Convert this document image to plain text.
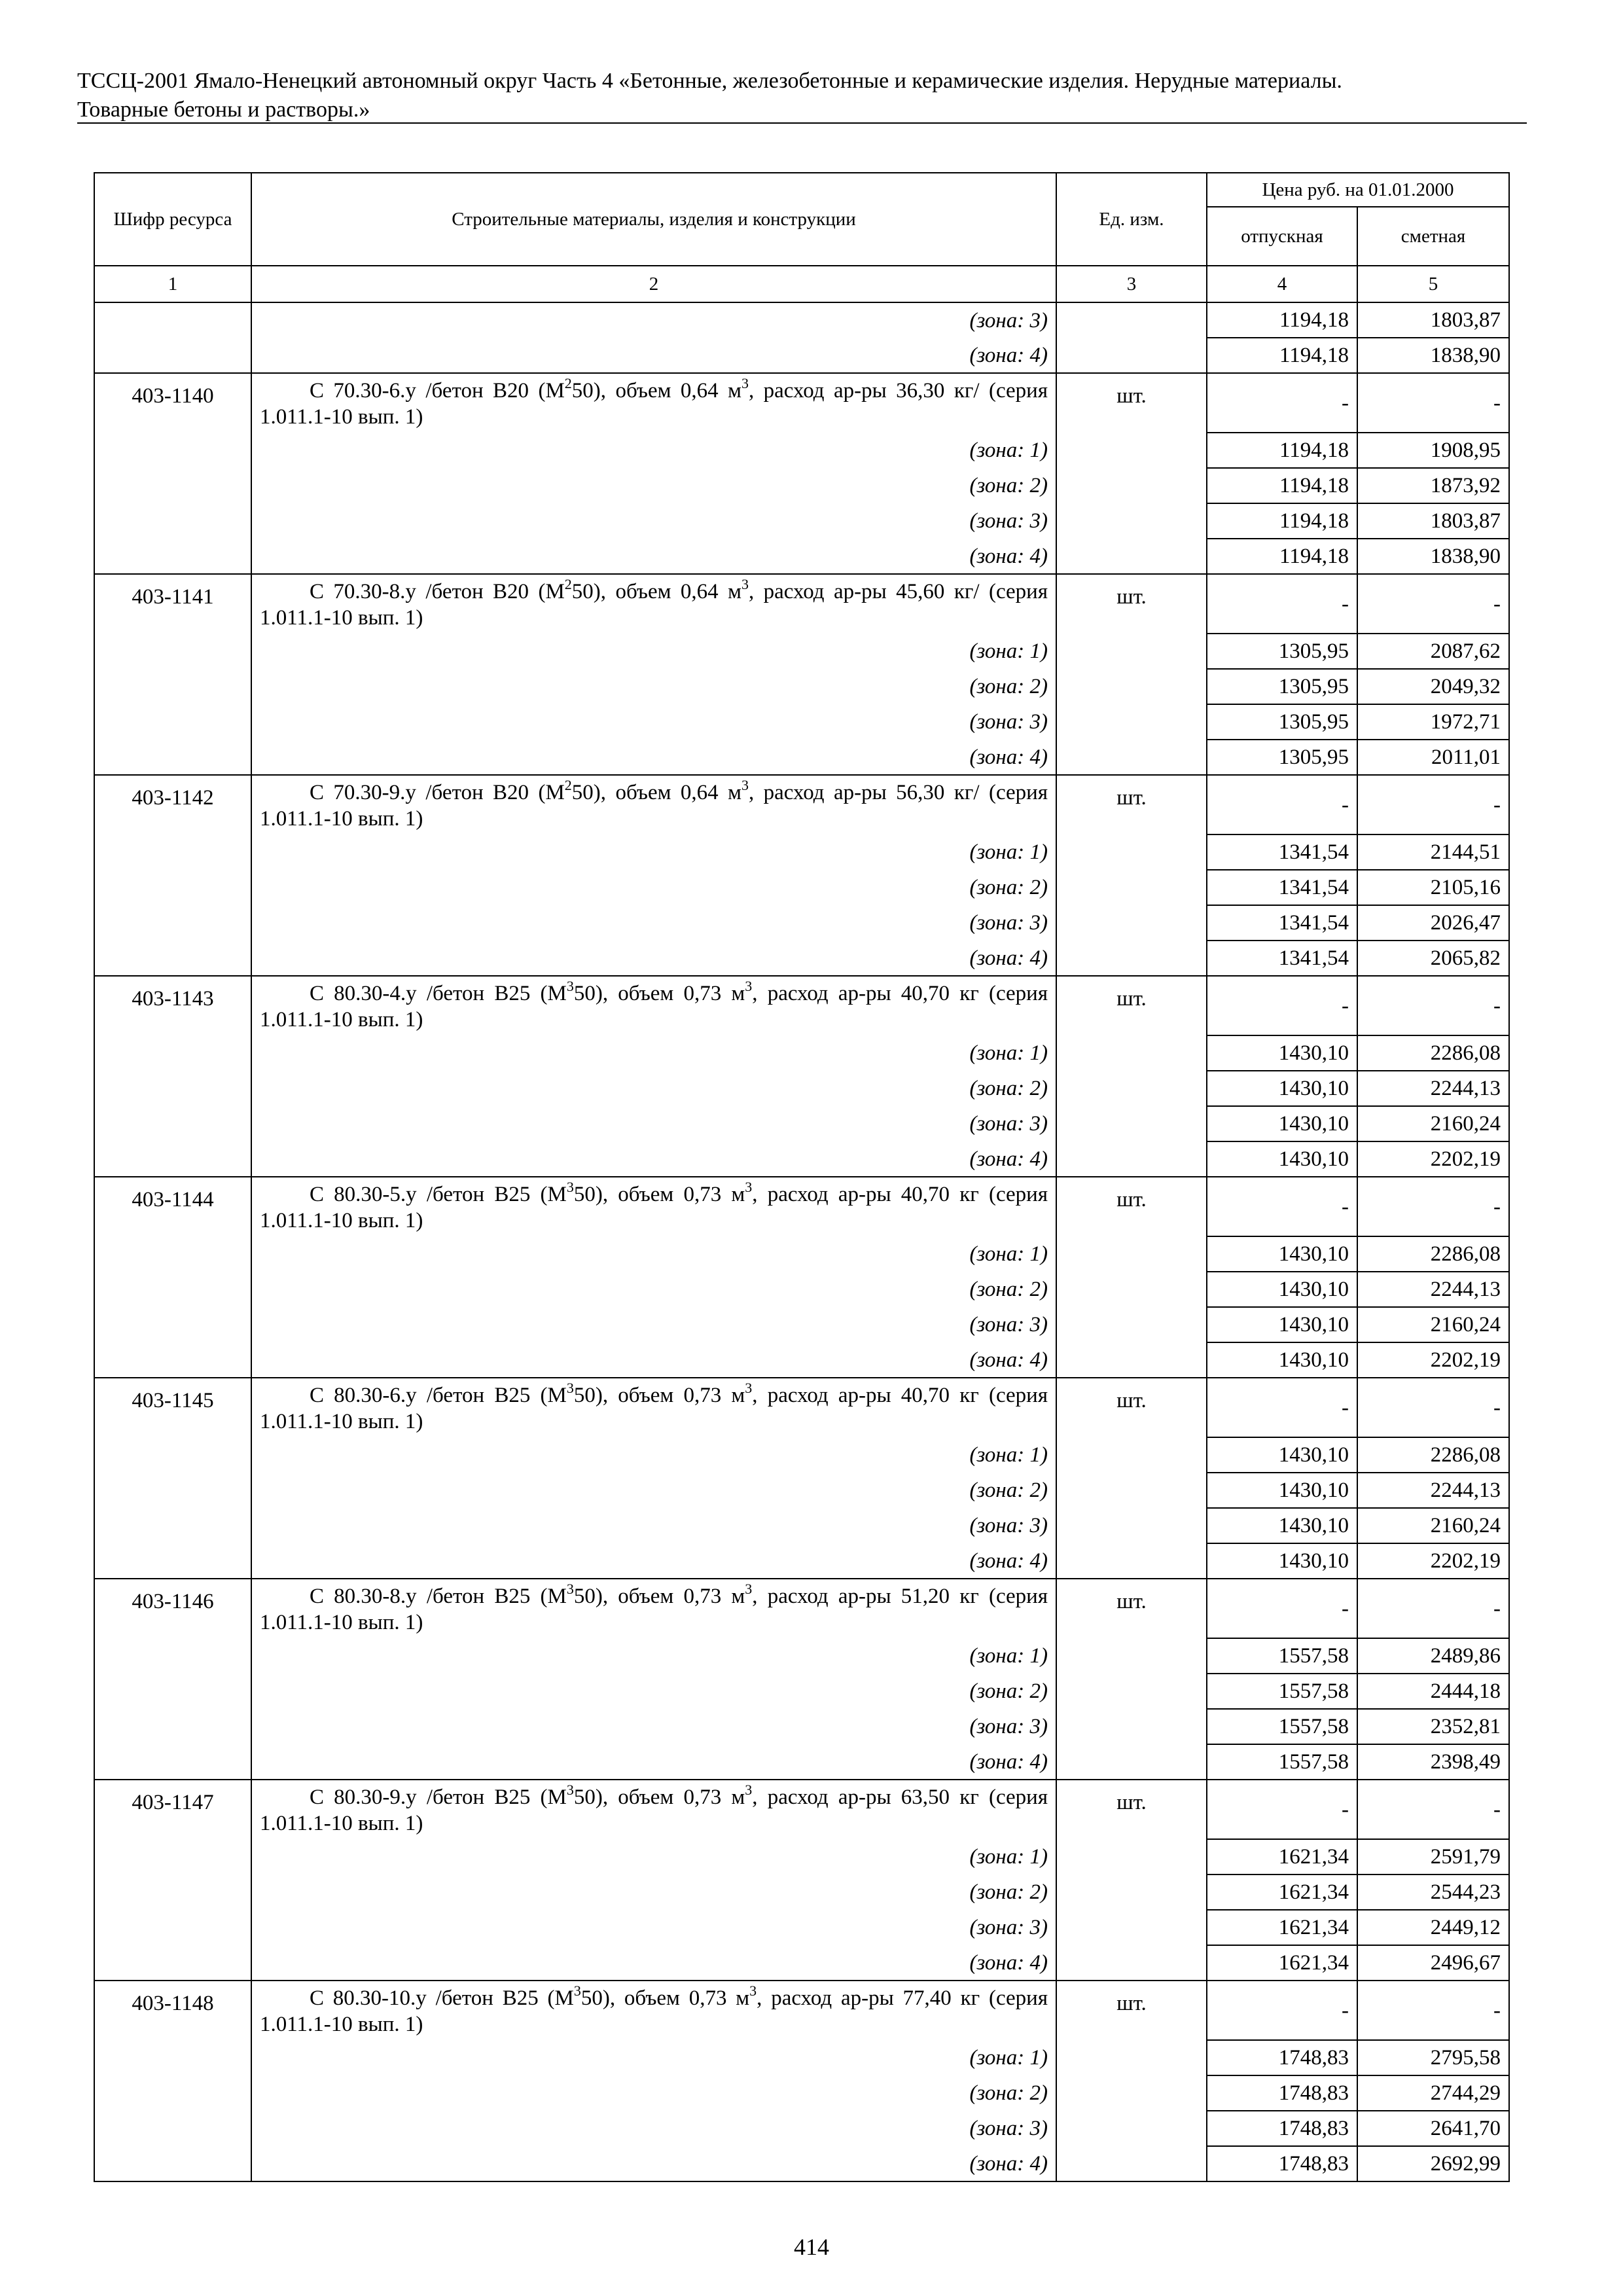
ТССЦ-2001 Ямало-Ненецкий автономный округ Часть 4 «Бетонные, железобетонные и керамические изделия. Нерудные материалы.
Товарные бетоны и растворы.»
Шифр ресурса	Строительные материалы, изделия и конструкции	Ед. изм.	Цена руб. на 01.01.2000	
			отпускная	сметная
1	2	3	4	5
	(зона: 3)		1194,18	1803,87
	(зона: 4)		1194,18	1838,90
403-1140	С 70.30-6.у /бетон В20 $(М^250)$, объем 0,64 $м^3$, расход ар-ры 36,30 кг/ (серия 1.011.1-10 вып. 1)	шт.	-	-
	(зона: 1)		1194,18	1908,95
	(зона: 2)		1194,18	1873,92
	(зона: 3)		1194,18	1803,87
	(зона: 4)		1194,18	1838,90
403-1141	С 70.30-8.у /бетон В20 $(М^250)$, объем 0,64 $м^3$, расход ар-ры 45,60 кг/ (серия 1.011.1-10 вып. 1)	шт.	-	-
	(зона: 1)		1305,95	2087,62
	(зона: 2)		1305,95	2049,32
	(зона: 3)		1305,95	1972,71
	(зона: 4)		1305,95	2011,01
403-1142	С 70.30-9.у /бетон В20 $(М^250)$, объем 0,64 $м^3$, расход ар-ры 56,30 кг/ (серия 1.011.1-10 вып. 1)	шт.	-	-
	(зона: 1)		1341,54	2144,51
	(зона: 2)		1341,54	2105,16
	(зона: 3)		1341,54	2026,47
	(зона: 4)		1341,54	2065,82
403-1143	С 80.30-4.у /бетон В25 $(М^350)$, объем 0,73 $м^3$, расход ар-ры 40,70 кг (серия 1.011.1-10 вып. 1)	шт.	-	-
	(зона: 1)		1430,10	2286,08
	(зона: 2)		1430,10	2244,13
	(зона: 3)		1430,10	2160,24
	(зона: 4)		1430,10	2202,19
403-1144	С 80.30-5.у /бетон В25 $(М^350)$, объем 0,73 $м^3$, расход ар-ры 40,70 кг (серия 1.011.1-10 вып. 1)	шт.	-	-
	(зона: 1)		1430,10	2286,08
	(зона: 2)		1430,10	2244,13
	(зона: 3)		1430,10	2160,24
	(зона: 4)		1430,10	2202,19
403-1145	С 80.30-6.у /бетон В25 $(М^350)$, объем 0,73 $м^3$, расход ар-ры 40,70 кг (серия 1.011.1-10 вып. 1)	шт.	-	-
	(зона: 1)		1430,10	2286,08
	(зона: 2)		1430,10	2244,13
	(зона: 3)		1430,10	2160,24
	(зона: 4)		1430,10	2202,19
403-1146	С 80.30-8.у /бетон В25 $(М^350)$, объем 0,73 $м^3$, расход ар-ры 51,20 кг (серия 1.011.1-10 вып. 1)	шт.	-	-
	(зона: 1)		1557,58	2489,86
	(зона: 2)		1557,58	2444,18
	(зона: 3)		1557,58	2352,81
	(зона: 4)		1557,58	2398,49
403-1147	С 80.30-9.у /бетон В25 $(М^350)$, объем 0,73 $м^3$, расход ар-ры 63,50 кг (серия 1.011.1-10 вып. 1)	шт.	-	-
	(зона: 1)		1621,34	2591,79
	(зона: 2)		1621,34	2544,23
	(зона: 3)		1621,34	2449,12
	(зона: 4)		1621,34	2496,67
403-1148	С 80.30-10.у /бетон В25 $(М^350)$, объем 0,73 $м^3$, расход ар-ры 77,40 кг (серия 1.011.1-10 вып. 1)	шт.	-	-
	(зона: 1)		1748,83	2795,58
	(зона: 2)		1748,83	2744,29
	(зона: 3)		1748,83	2641,70
	(зона: 4)		1748,83	2692,99
414
